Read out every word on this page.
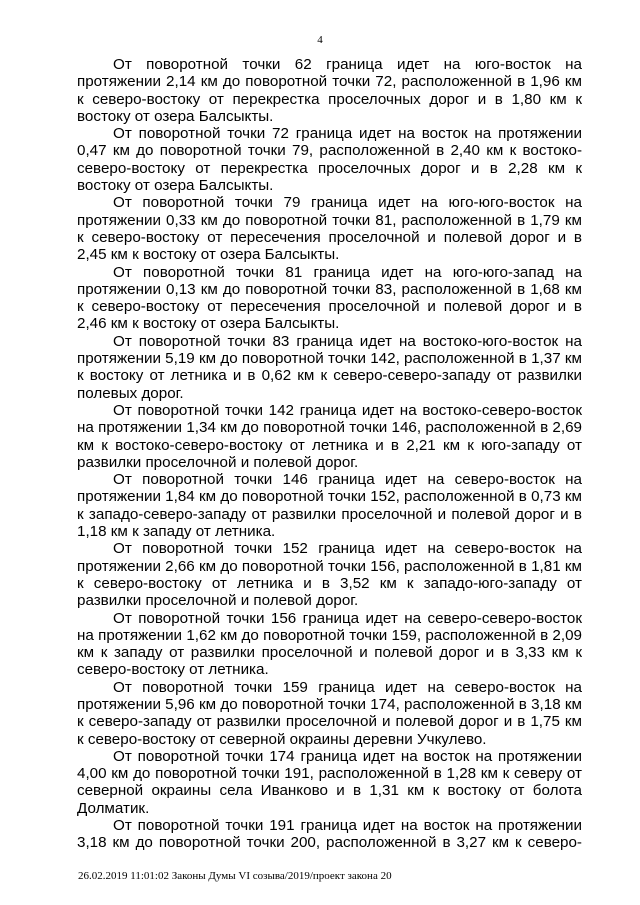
4

От поворотной точки 62 граница идет на юго-восток на протяжении 2,14 км до поворотной точки 72, расположенной в 1,96 км к северо-востоку от перекрестка проселочных дорог и в 1,80 км к востоку от озера Балсыкты.

От поворотной точки 72 граница идет на восток на протяжении 0,47 км до поворотной точки 79, расположенной в 2,40 км к востоко-северо-востоку от перекрестка проселочных дорог и в 2,28 км к востоку от озера Балсыкты.

От поворотной точки 79 граница идет на юго-юго-восток на протяжении 0,33 км до поворотной точки 81, расположенной в 1,79 км к северо-востоку от пересечения проселочной и полевой дорог и в 2,45 км к востоку от озера Балсыкты.

От поворотной точки 81 граница идет на юго-юго-запад на протяжении 0,13 км до поворотной точки 83, расположенной в 1,68 км к северо-востоку от пересечения проселочной и полевой дорог и в 2,46 км к востоку от озера Балсыкты.

От поворотной точки 83 граница идет на востоко-юго-восток на протяжении 5,19 км до поворотной точки 142, расположенной в 1,37 км к востоку от летника и в 0,62 км к северо-северо-западу от развилки полевых дорог.

От поворотной точки 142 граница идет на востоко-северо-восток на протяжении 1,34 км до поворотной точки 146, расположенной в 2,69 км к востоко-северо-востоку от летника и в 2,21 км к юго-западу от развилки проселочной и полевой дорог.

От поворотной точки 146 граница идет на северо-восток на протяжении 1,84 км до поворотной точки 152, расположенной в 0,73 км к западо-северо-западу от развилки проселочной и полевой дорог и в 1,18 км к западу от летника.

От поворотной точки 152 граница идет на северо-восток на протяжении 2,66 км до поворотной точки 156, расположенной в 1,81 км к северо-востоку от летника и в 3,52 км к западо-юго-западу от развилки проселочной и полевой дорог.

От поворотной точки 156 граница идет на северо-северо-восток на протяжении 1,62 км до поворотной точки 159, расположенной в 2,09 км к западу от развилки проселочной и полевой дорог и в 3,33 км к северо-востоку от летника.

От поворотной точки 159 граница идет на северо-восток на протяжении 5,96 км до поворотной точки 174, расположенной в 3,18 км к северо-западу от развилки проселочной и полевой дорог и в 1,75 км к северо-востоку от северной окраины деревни Учкулево.

От поворотной точки 174 граница идет на восток на протяжении 4,00 км до поворотной точки 191, расположенной в 1,28 км к северу от северной окраины села Иванково и в 1,31 км к востоку от болота Долматик.

От поворотной точки 191 граница идет на восток на протяжении 3,18 км до поворотной точки 200, расположенной в 3,27 км к северо-

26.02.2019 11:01:02 Законы Думы VI созыва/2019/проект закона 20
